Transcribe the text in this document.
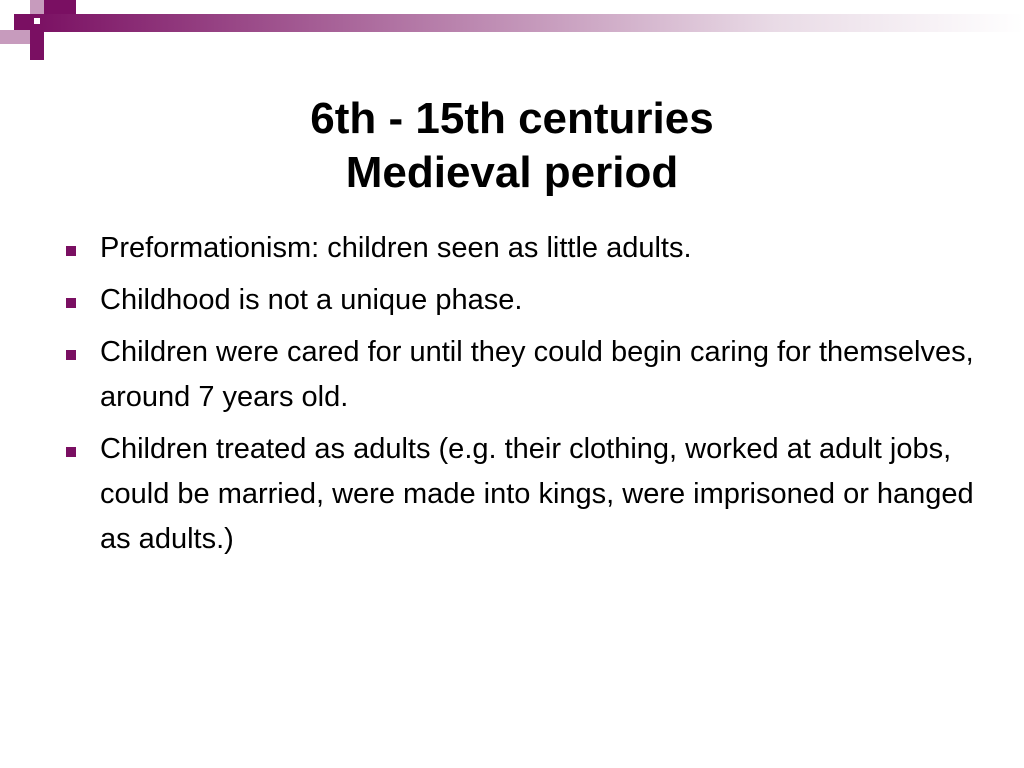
6th - 15th centuries
Medieval period
Preformationism: children seen as little adults.
Childhood is not a unique phase.
Children were cared for until they could begin caring for themselves, around 7 years old.
Children treated as adults (e.g. their clothing, worked at adult jobs, could be married, were made into kings, were imprisoned or hanged as adults.)
